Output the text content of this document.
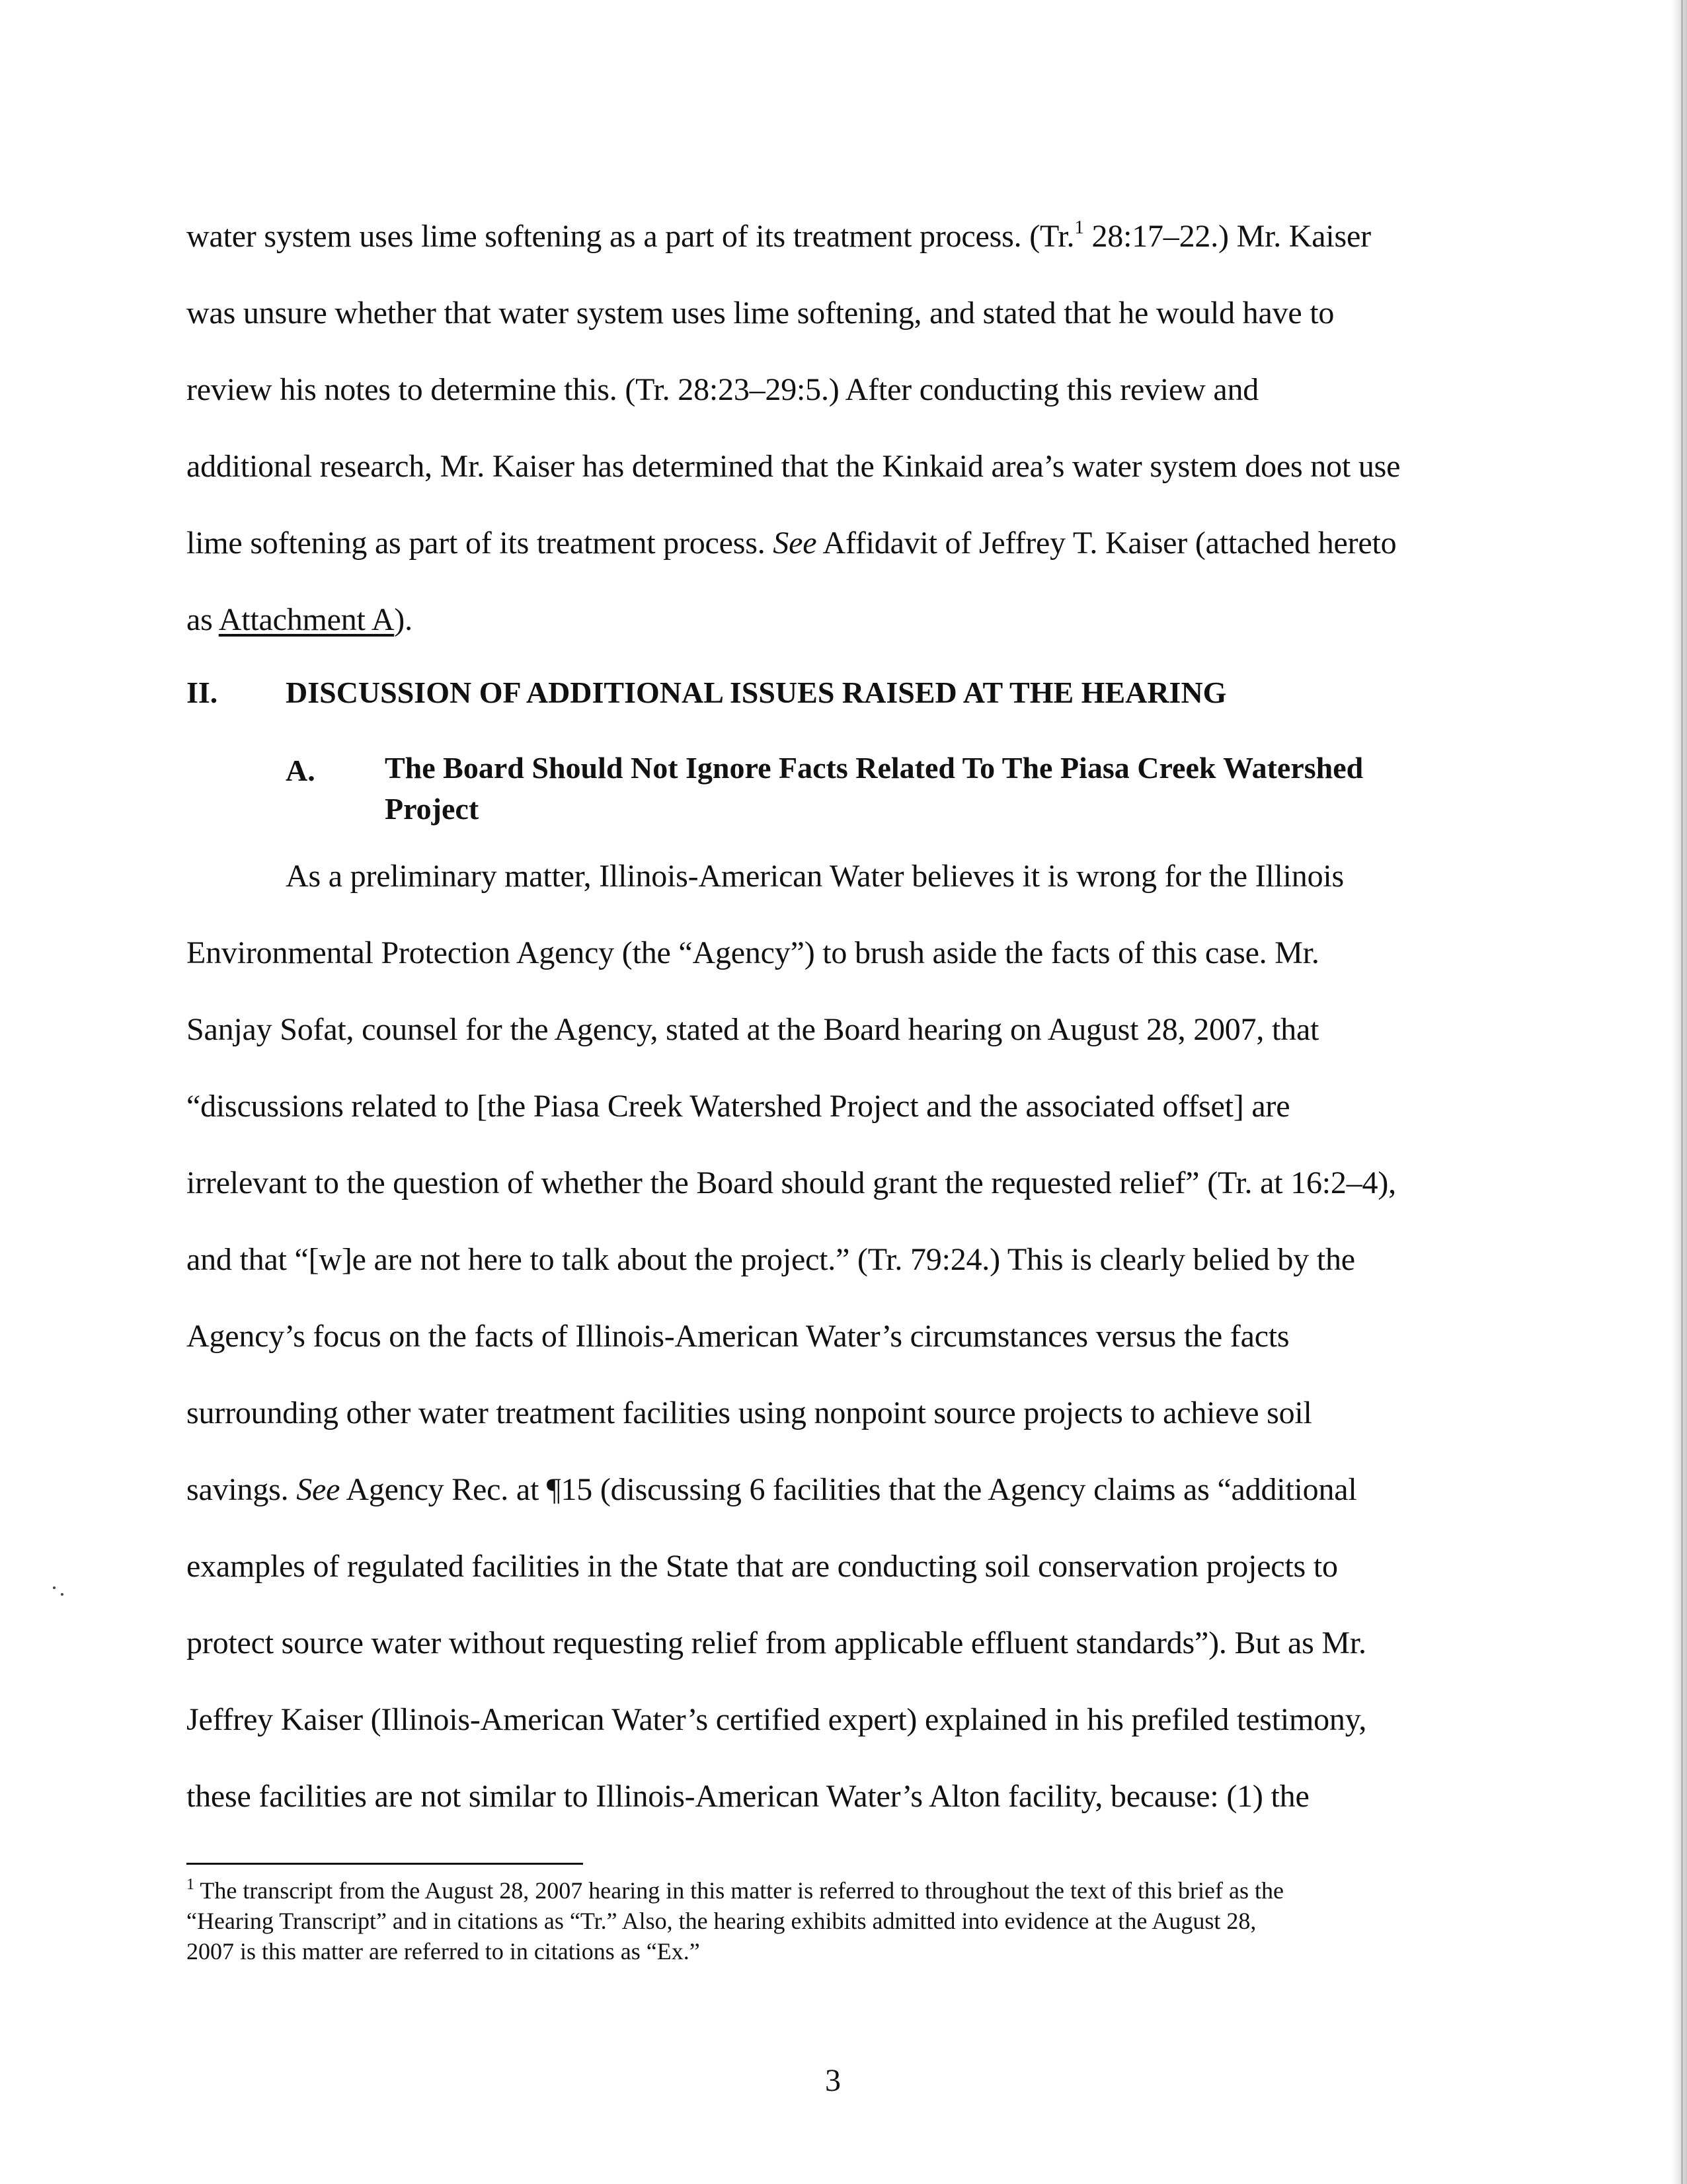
water system uses lime softening as a part of its treatment process. (Tr.$^1$ 28:17–22.) Mr. Kaiser
was unsure whether that water system uses lime softening, and stated that he would have to
review his notes to determine this. (Tr. 28:23–29:5.) After conducting this review and
additional research, Mr. Kaiser has determined that the Kinkaid area’s water system does not use
lime softening as part of its treatment process. See Affidavit of Jeffrey T. Kaiser (attached hereto
as Attachment A).
II. DISCUSSION OF ADDITIONAL ISSUES RAISED AT THE HEARING
A. The Board Should Not Ignore Facts Related To The Piasa Creek Watershed
Project
As a preliminary matter, Illinois-American Water believes it is wrong for the Illinois
Environmental Protection Agency (the “Agency”) to brush aside the facts of this case. Mr.
Sanjay Sofat, counsel for the Agency, stated at the Board hearing on August 28, 2007, that
“discussions related to [the Piasa Creek Watershed Project and the associated offset] are
irrelevant to the question of whether the Board should grant the requested relief” (Tr. at 16:2–4),
and that “[w]e are not here to talk about the project.” (Tr. 79:24.) This is clearly belied by the
Agency’s focus on the facts of Illinois-American Water’s circumstances versus the facts
surrounding other water treatment facilities using nonpoint source projects to achieve soil
savings. See Agency Rec. at ¶15 (discussing 6 facilities that the Agency claims as “additional
examples of regulated facilities in the State that are conducting soil conservation projects to
protect source water without requesting relief from applicable effluent standards”). But as Mr.
Jeffrey Kaiser (Illinois-American Water’s certified expert) explained in his prefiled testimony,
these facilities are not similar to Illinois-American Water’s Alton facility, because: (1) the
$^1$ The transcript from the August 28, 2007 hearing in this matter is referred to throughout the text of this brief as the
“Hearing Transcript” and in citations as “Tr.” Also, the hearing exhibits admitted into evidence at the August 28,
2007 is this matter are referred to in citations as “Ex.”
3
